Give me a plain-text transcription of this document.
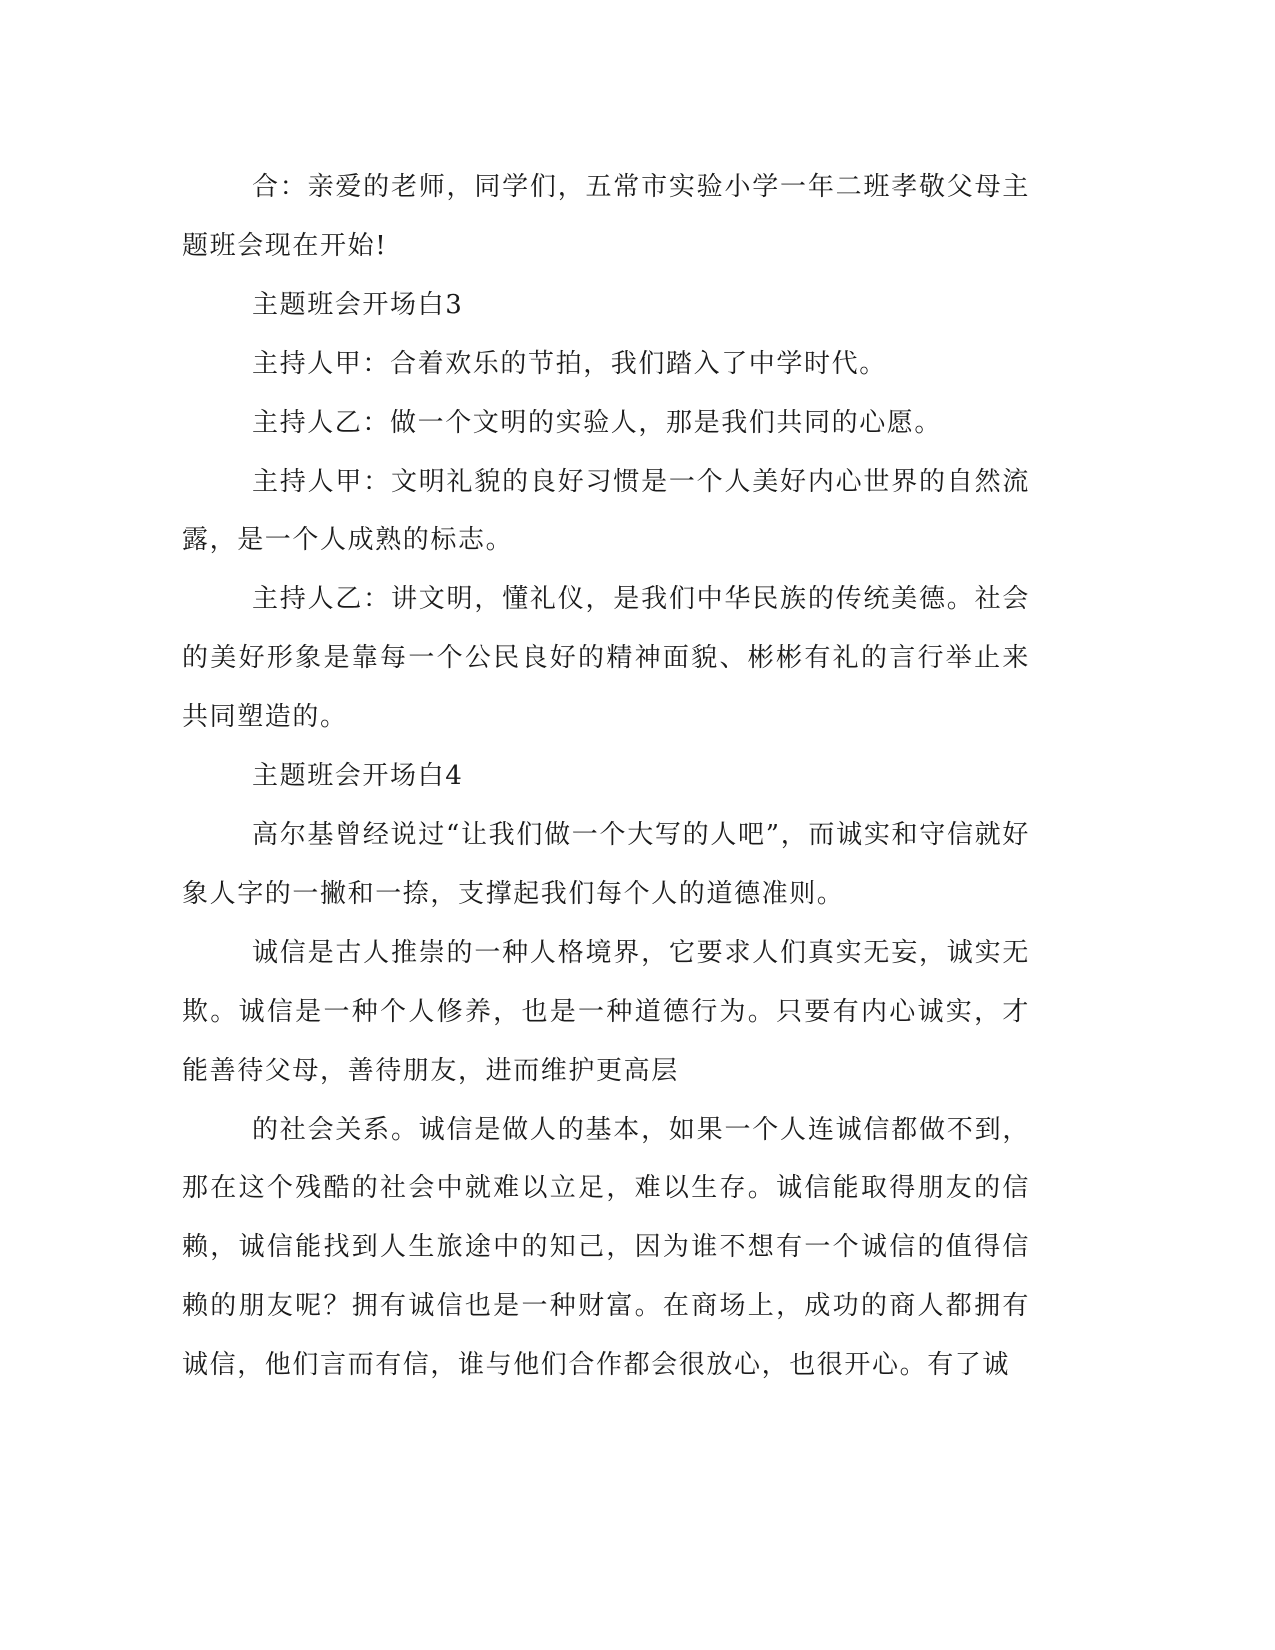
合：亲爱的老师，同学们，五常市实验小学一年二班孝敬父母主题班会现在开始!

主题班会开场白3

主持人甲：合着欢乐的节拍，我们踏入了中学时代。

主持人乙：做一个文明的实验人，那是我们共同的心愿。

主持人甲：文明礼貌的良好习惯是一个人美好内心世界的自然流露，是一个人成熟的标志。

主持人乙：讲文明，懂礼仪，是我们中华民族的传统美德。社会的美好形象是靠每一个公民良好的精神面貌、彬彬有礼的言行举止来共同塑造的。

主题班会开场白4

高尔基曾经说过“让我们做一个大写的人吧”，而诚实和守信就好象人字的一撇和一捺，支撑起我们每个人的道德准则。

诚信是古人推崇的一种人格境界，它要求人们真实无妄，诚实无欺。诚信是一种个人修养，也是一种道德行为。只要有内心诚实，才能善待父母，善待朋友，进而维护更高层

的社会关系。诚信是做人的基本，如果一个人连诚信都做不到，那在这个残酷的社会中就难以立足，难以生存。诚信能取得朋友的信赖，诚信能找到人生旅途中的知己，因为谁不想有一个诚信的值得信赖的朋友呢？拥有诚信也是一种财富。在商场上，成功的商人都拥有诚信，他们言而有信，谁与他们合作都会很放心，也很开心。有了诚
